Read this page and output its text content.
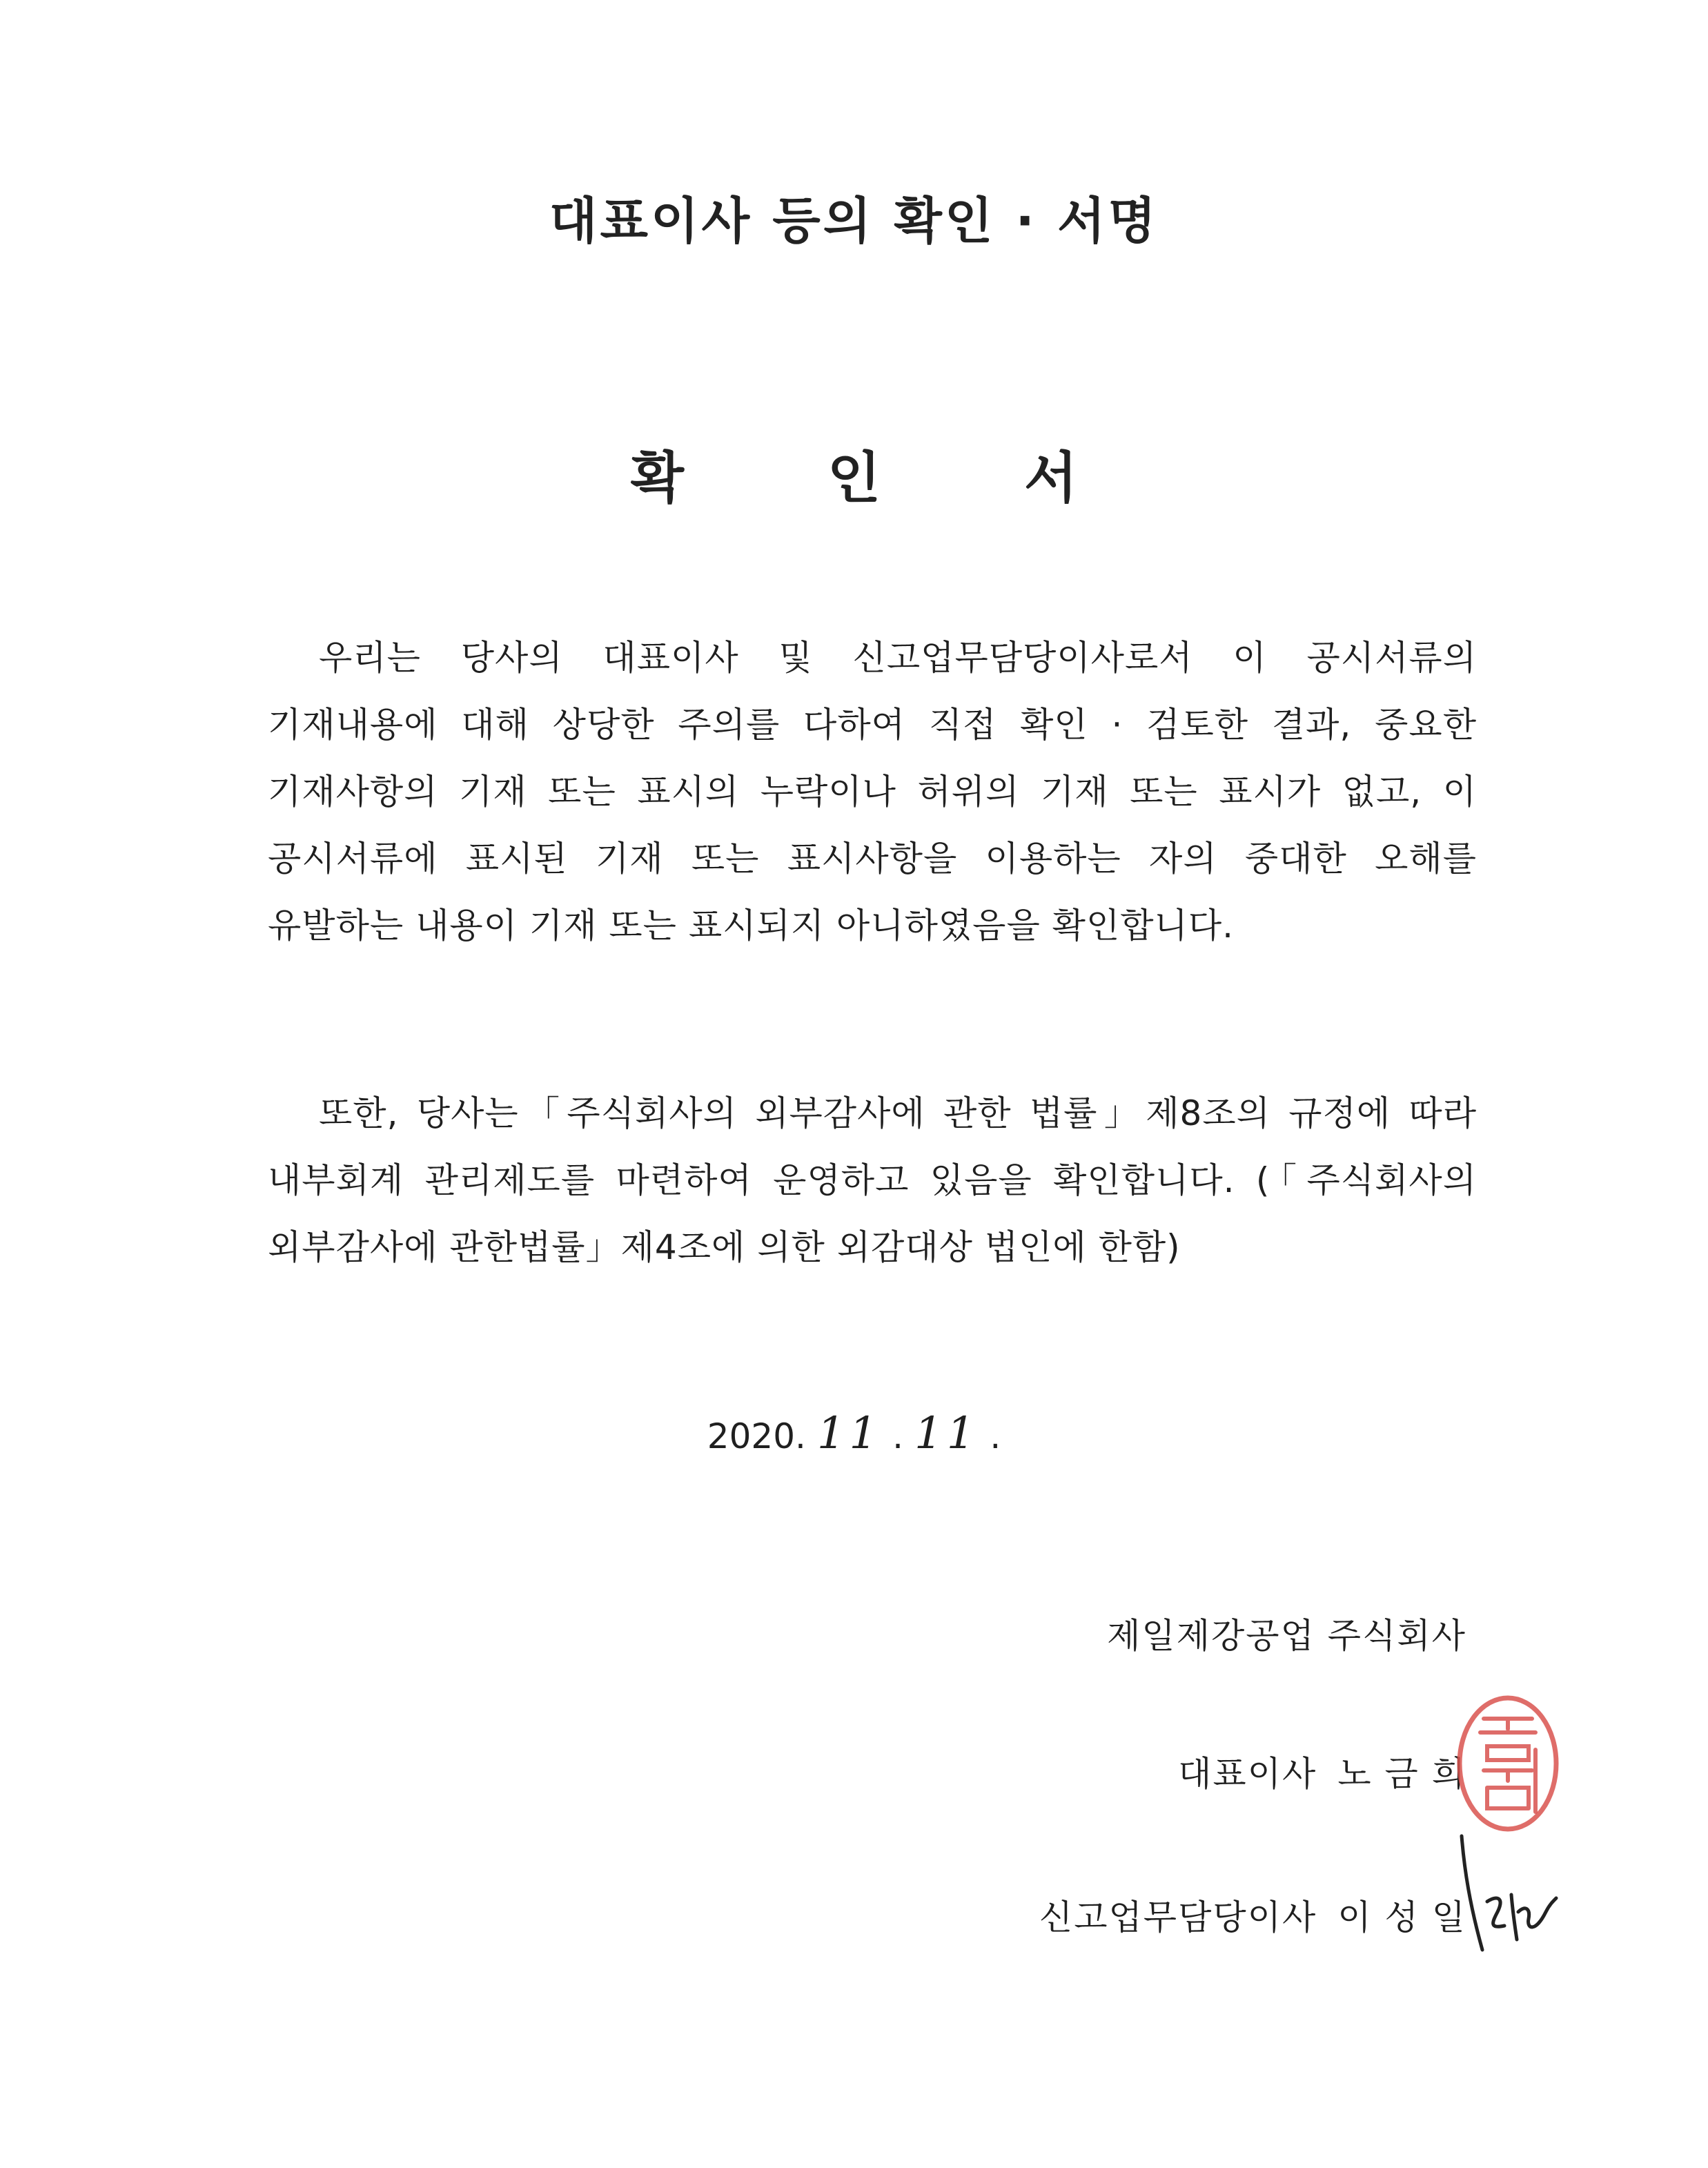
대표이사 등의 확인 · 서명
확 인 서
우리는 당사의 대표이사 및 신고업무담당이사로서 이 공시서류의 기재내용에 대해 상당한 주의를 다하여 직접 확인 · 검토한 결과, 중요한 기재사항의 기재 또는 표시의 누락이나 허위의 기재 또는 표시가 없고, 이 공시서류에 표시된 기재 또는 표시사항을 이용하는 자의 중대한 오해를 유발하는 내용이 기재 또는 표시되지 아니하였음을 확인합니다.
또한, 당사는「주식회사의 외부감사에 관한 법률」제8조의 규정에 따라 내부회계 관리제도를 마련하여 운영하고 있음을 확인합니다. (「주식회사의 외부감사에 관한법률」제4조에 의한 외감대상 법인에 한함)
2020. 11 . 11 .
제일제강공업 주식회사
대표이사 노 금 희
신고업무담당이사 이 성 일
